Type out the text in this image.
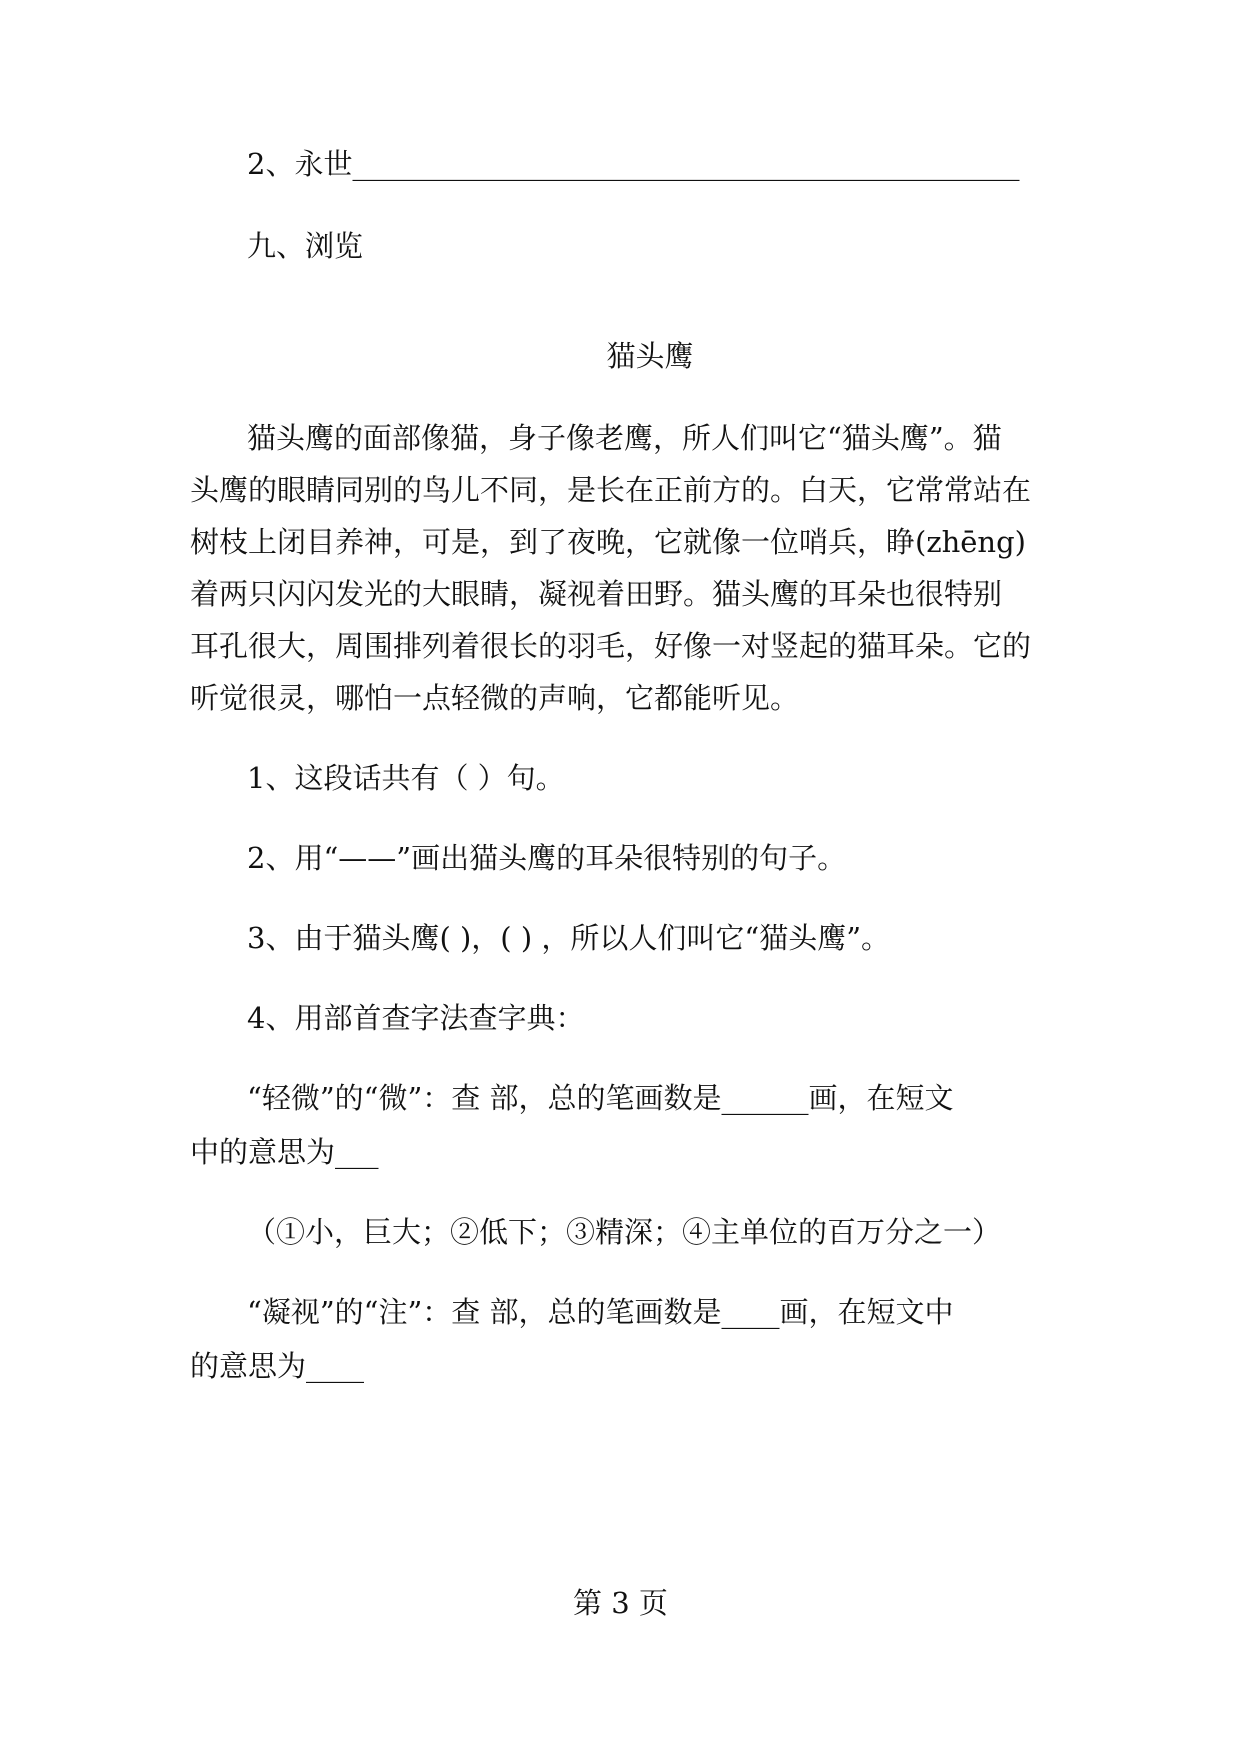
2、永世______________________________________________
九、浏览
猫头鹰
猫头鹰的面部像猫，身子像老鹰，所人们叫它“猫头鹰”。猫
头鹰的眼睛同别的鸟儿不同，是长在正前方的。白天，它常常站在
树枝上闭目养神，可是，到了夜晚，它就像一位哨兵，睁(zhēng)
着两只闪闪发光的大眼睛，凝视着田野。猫头鹰的耳朵也很特别
耳孔很大，周围排列着很长的羽毛，好像一对竖起的猫耳朵。它的
听觉很灵，哪怕一点轻微的声响，它都能听见。
1、这段话共有（ ）句。
2、用“——”画出猫头鹰的耳朵很特别的句子。
3、由于猫头鹰( )，( ) ，所以人们叫它“猫头鹰”。
4、用部首查字法查字典：
“轻微”的“微”：查 部，总的笔画数是______画，在短文
中的意思为___
（①小，巨大；②低下；③精深；④主单位的百万分之一）
“凝视”的“注”：查 部，总的笔画数是____画，在短文中
的意思为____
第 3 页
